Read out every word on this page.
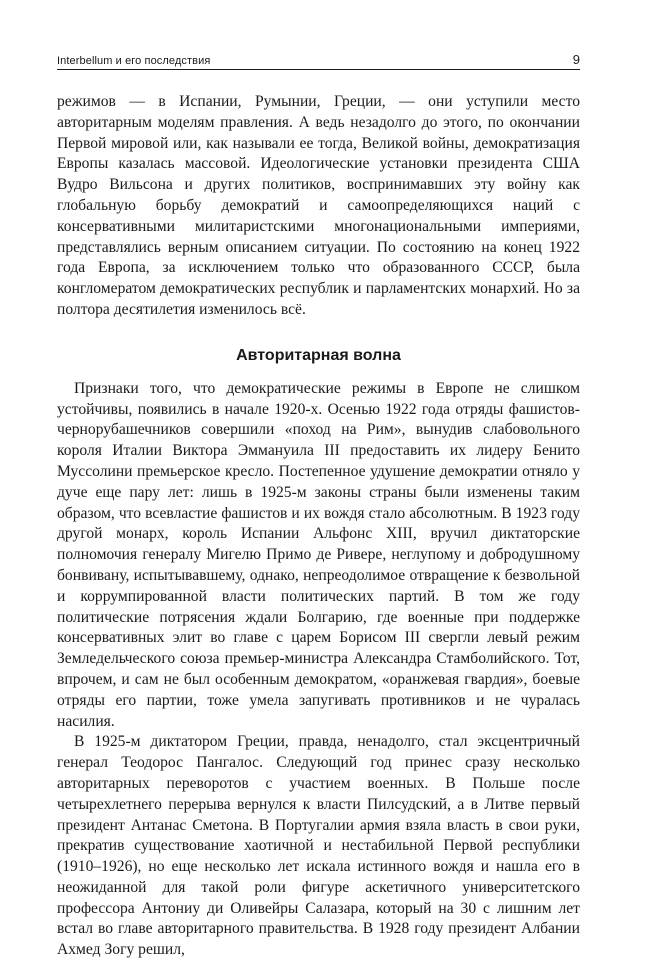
Interbellum и его последствия	9

режимов — в Испании, Румынии, Греции, — они уступили место авторитарным моделям правления. А ведь незадолго до этого, по окончании Первой мировой или, как называли ее тогда, Великой войны, демократизация Европы казалась массовой. Идеологические установки президента США Вудро Вильсона и других политиков, воспринимавших эту войну как глобальную борьбу демократий и самоопределяющихся наций с консервативными милитаристскими многонациональными империями, представлялись верным описанием ситуации. По состоянию на конец 1922 года Европа, за исключением только что образованного СССР, была конгломератом демократических республик и парламентских монархий. Но за полтора десятилетия изменилось всё.

Авторитарная волна

Признаки того, что демократические режимы в Европе не слишком устойчивы, появились в начале 1920-х. Осенью 1922 года отряды фашистов-чернорубашечников совершили «поход на Рим», вынудив слабовольного короля Италии Виктора Эммануила III предоставить их лидеру Бенито Муссолини премьерское кресло. Постепенное удушение демократии отняло у дуче еще пару лет: лишь в 1925-м законы страны были изменены таким образом, что всевластие фашистов и их вождя стало абсолютным. В 1923 году другой монарх, король Испании Альфонс XIII, вручил диктаторские полномочия генералу Мигелю Примо де Ривере, неглупому и добродушному бонвивану, испытывавшему, однако, непреодолимое отвращение к безвольной и коррумпированной власти политических партий. В том же году политические потрясения ждали Болгарию, где военные при поддержке консервативных элит во главе с царем Борисом III свергли левый режим Земледельческого союза премьер-министра Александра Стамболийского. Тот, впрочем, и сам не был особенным демократом, «оранжевая гвардия», боевые отряды его партии, тоже умела запугивать противников и не чуралась насилия.

В 1925-м диктатором Греции, правда, ненадолго, стал эксцентричный генерал Теодорос Пангалос. Следующий год принес сразу несколько авторитарных переворотов с участием военных. В Польше после четырехлетнего перерыва вернулся к власти Пилсудский, а в Литве первый президент Антанас Сметона. В Португалии армия взяла власть в свои руки, прекратив существование хаотичной и нестабильной Первой республики (1910–1926), но еще несколько лет искала истинного вождя и нашла его в неожиданной для такой роли фигуре аскетичного университетского профессора Антониу ди Оливейры Салазара, который на 30 с лишним лет встал во главе авторитарного правительства. В 1928 году президент Албании Ахмед Зогу решил,
